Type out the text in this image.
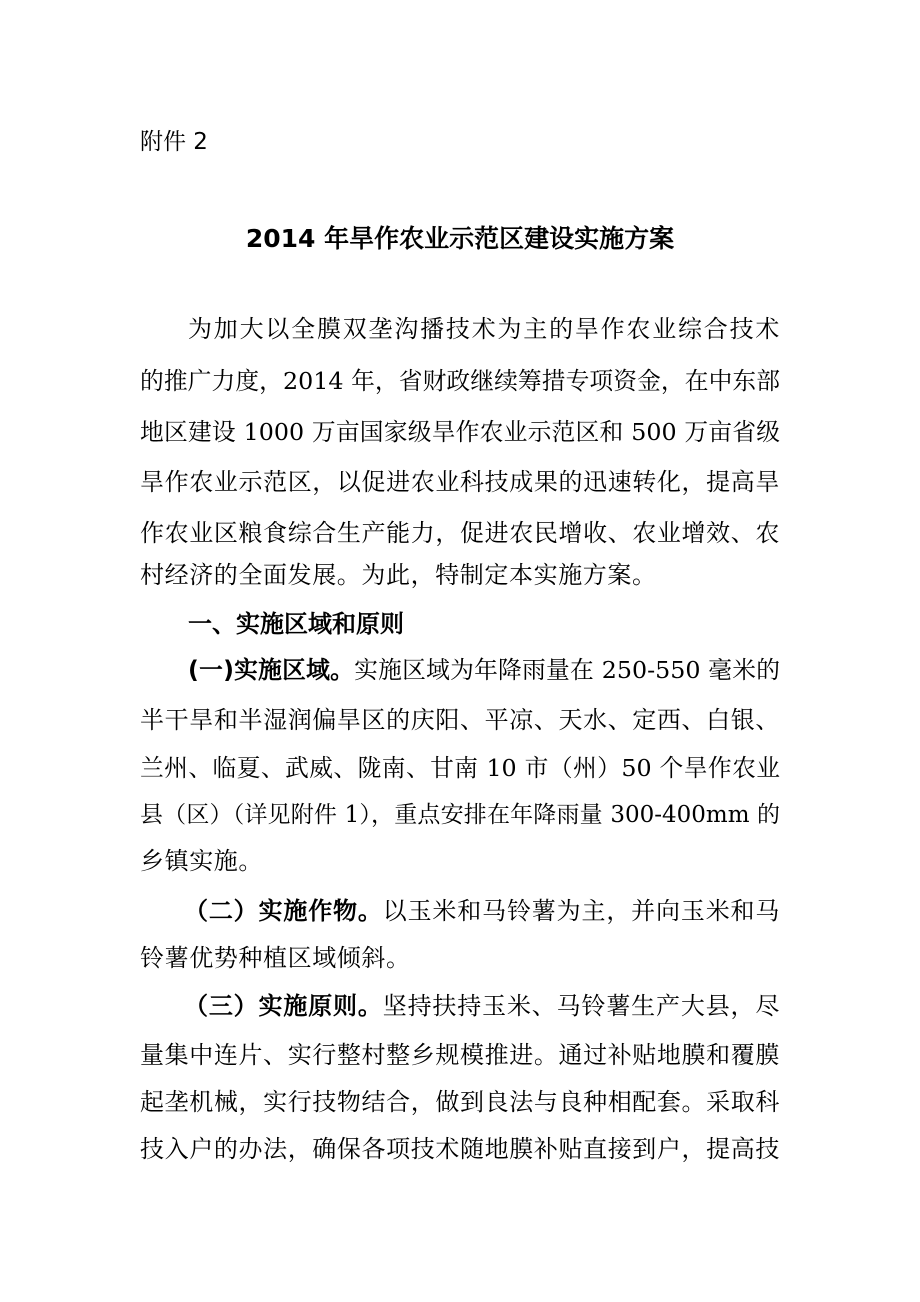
附件 2
2014 年旱作农业示范区建设实施方案
为加大以全膜双垄沟播技术为主的旱作农业综合技术
的推广力度，2014 年，省财政继续筹措专项资金，在中东部
地区建设 1000 万亩国家级旱作农业示范区和 500 万亩省级
旱作农业示范区，以促进农业科技成果的迅速转化，提高旱
作农业区粮食综合生产能力，促进农民增收、农业增效、农
村经济的全面发展。为此，特制定本实施方案。
一、实施区域和原则
(一)实施区域。实施区域为年降雨量在 250-550 毫米的
半干旱和半湿润偏旱区的庆阳、平凉、天水、定西、白银、
兰州、临夏、武威、陇南、甘南 10 市（州）50 个旱作农业
县（区）（详见附件 1），重点安排在年降雨量 300-400mm 的
乡镇实施。
（二）实施作物。以玉米和马铃薯为主，并向玉米和马
铃薯优势种植区域倾斜。
（三）实施原则。坚持扶持玉米、马铃薯生产大县，尽
量集中连片、实行整村整乡规模推进。通过补贴地膜和覆膜
起垄机械，实行技物结合，做到良法与良种相配套。采取科
技入户的办法，确保各项技术随地膜补贴直接到户，提高技
